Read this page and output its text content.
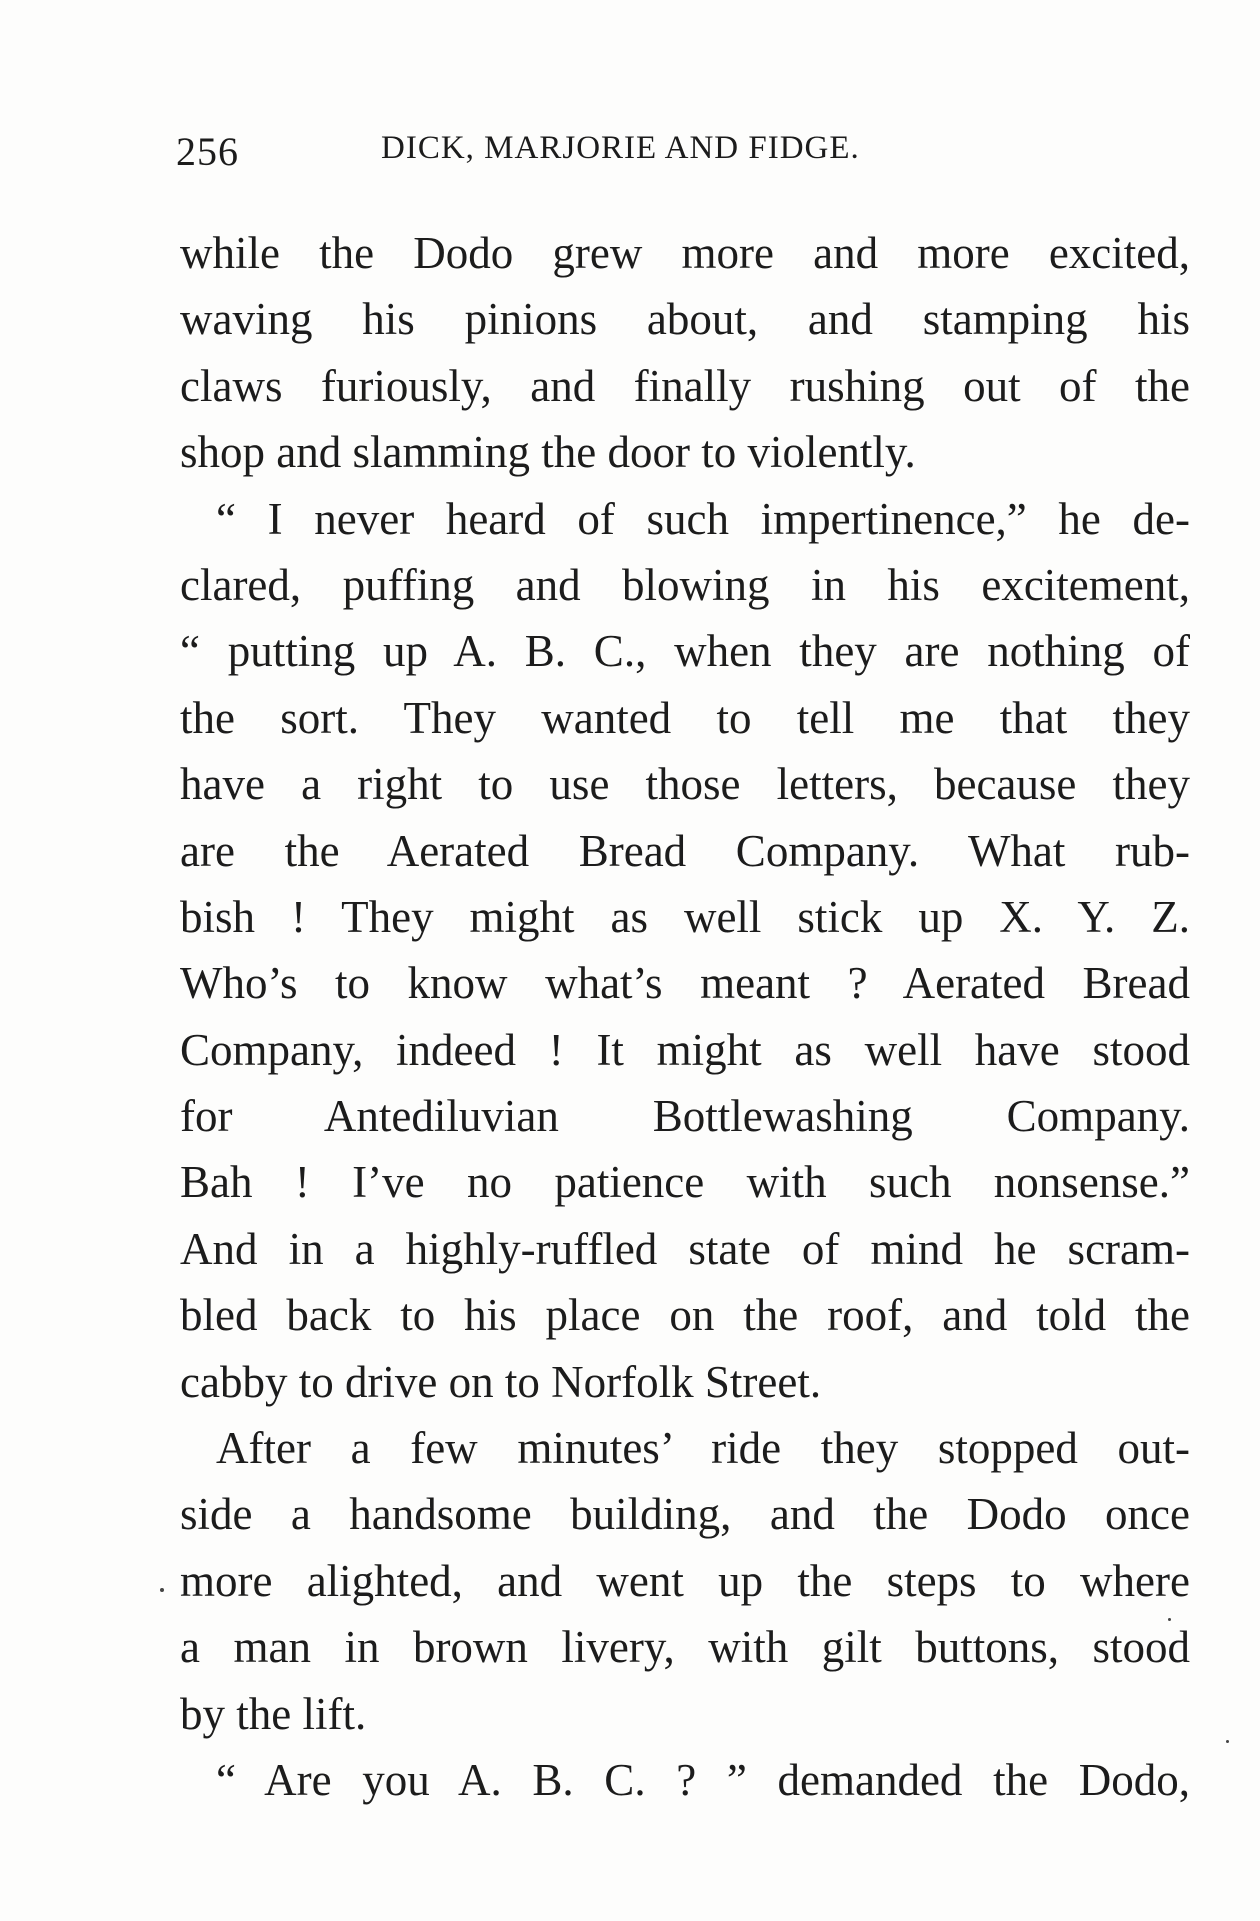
256	DICK, MARJORIE AND FIDGE.
while the Dodo grew more and more excited,
waving his pinions about, and stamping his
claws furiously, and finally rushing out of the
shop and slamming the door to violently.
“ I never heard of such impertinence,” he de-
clared, puffing and blowing in his excitement,
“ putting up A. B. C., when they are nothing of
the sort. They wanted to tell me that they
have a right to use those letters, because they
are the Aerated Bread Company. What rub-
bish ! They might as well stick up X. Y. Z.
Who’s to know what’s meant ? Aerated Bread
Company, indeed ! It might as well have stood
for Antediluvian Bottlewashing Company.
Bah ! I’ve no patience with such nonsense.”
And in a highly-ruffled state of mind he scram-
bled back to his place on the roof, and told the
cabby to drive on to Norfolk Street.
After a few minutes’ ride they stopped out-
side a handsome building, and the Dodo once
more alighted, and went up the steps to where
a man in brown livery, with gilt buttons, stood
by the lift.
“ Are you A. B. C. ? ” demanded the Dodo,
